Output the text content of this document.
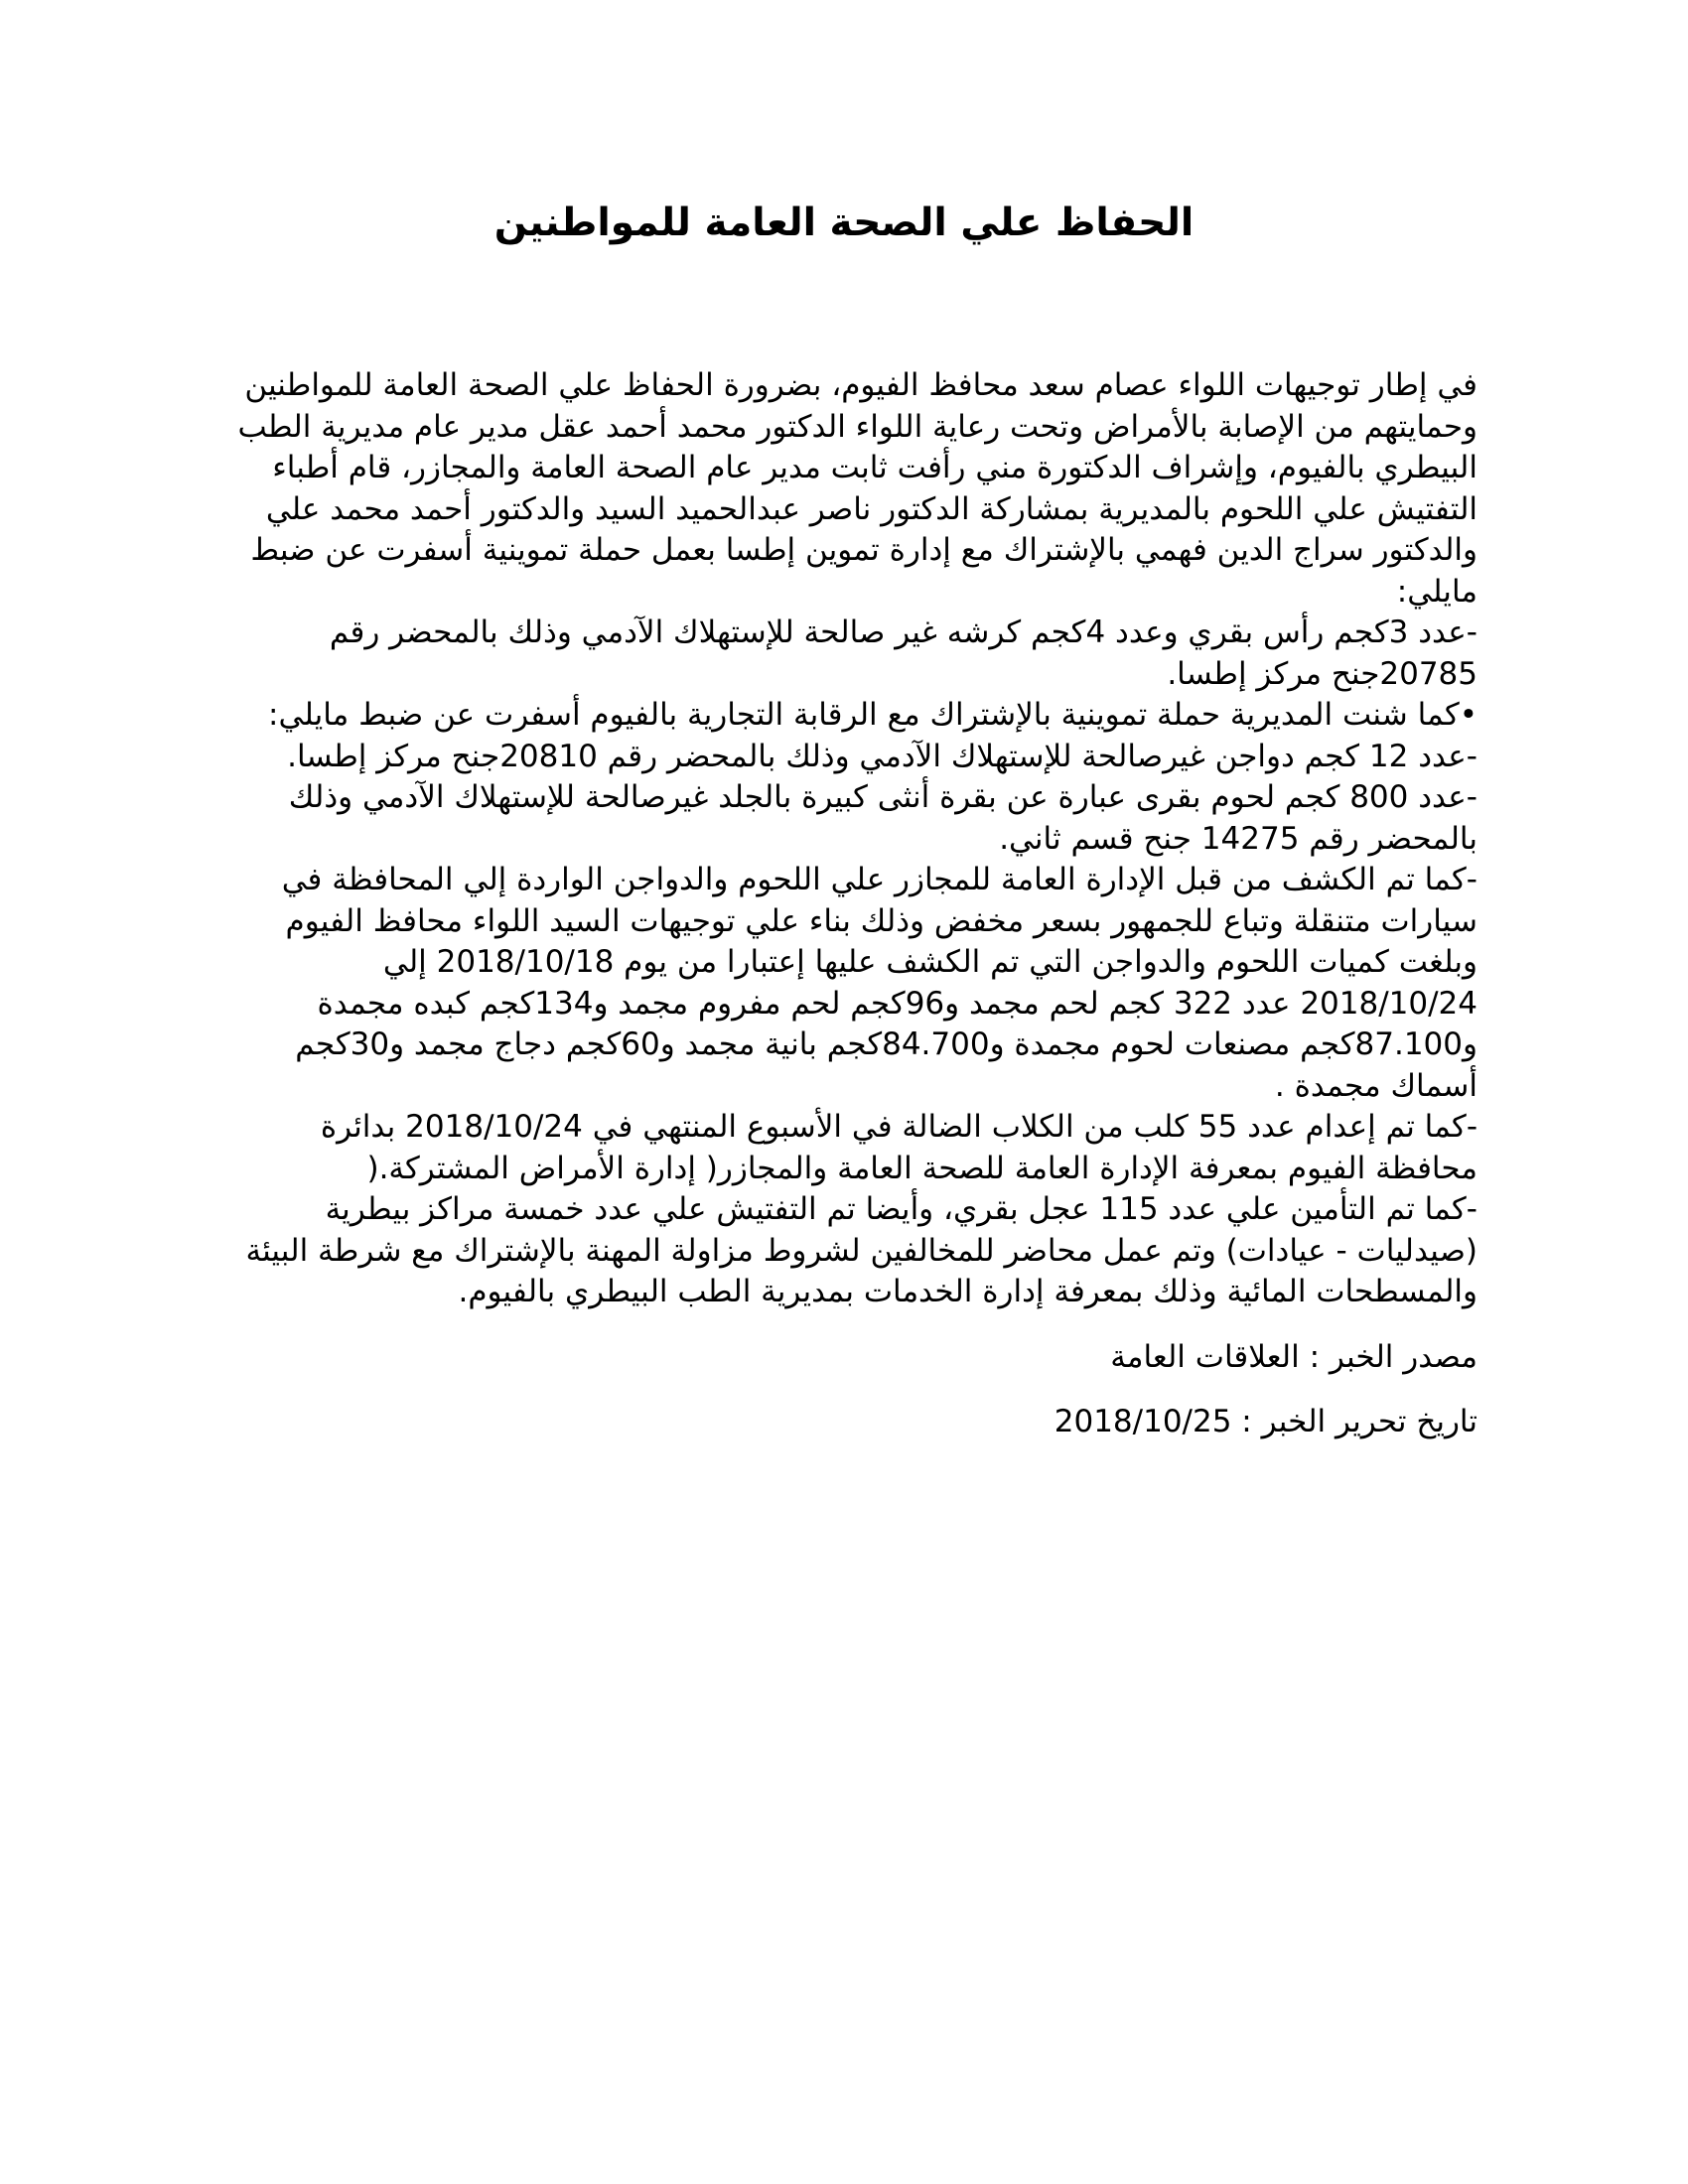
الحفاظ علي الصحة العامة للمواطنين

في إطار توجيهات اللواء عصام سعد محافظ الفيوم، بضرورة الحفاظ علي الصحة العامة للمواطنين وحمايتهم من الإصابة بالأمراض وتحت رعاية اللواء الدكتور محمد أحمد عقل مدير عام مديرية الطب البيطري بالفيوم، وإشراف الدكتورة مني رأفت ثابت مدير عام الصحة العامة والمجازر، قام أطباء التفتيش علي اللحوم بالمديرية بمشاركة الدكتور ناصر عبدالحميد السيد والدكتور أحمد محمد علي والدكتور سراج الدين فهمي بالإشتراك مع إدارة تموين إطسا بعمل حملة تموينية أسفرت عن ضبط مايلي:

-عدد 3كجم رأس بقري وعدد 4كجم كرشه غير صالحة للإستهلاك الآدمي وذلك بالمحضر رقم 20785جنح مركز إطسا.

•كما شنت المديرية حملة تموينية بالإشتراك مع الرقابة التجارية بالفيوم أسفرت عن ضبط مايلي:

-عدد 12 كجم دواجن غيرصالحة للإستهلاك الآدمي وذلك بالمحضر رقم 20810جنح مركز إطسا.

-عدد 800 كجم لحوم بقرى عبارة عن بقرة أنثى كبيرة بالجلد غيرصالحة للإستهلاك الآدمي وذلك بالمحضر رقم 14275 جنح قسم ثاني.

-كما تم الكشف من قبل الإدارة العامة للمجازر علي اللحوم والدواجن الواردة إلي المحافظة في سيارات متنقلة وتباع للجمهور بسعر مخفض وذلك بناء علي توجيهات السيد اللواء محافظ الفيوم وبلغت كميات اللحوم والدواجن التي تم الكشف عليها إعتبارا من يوم 2018/10/18 إلي 2018/10/24 عدد 322 كجم لحم مجمد و96كجم لحم مفروم مجمد و134كجم كبده مجمدة و87.100كجم مصنعات لحوم مجمدة و84.700كجم بانية مجمد و60كجم دجاج مجمد و30كجم أسماك مجمدة .

-كما تم إعدام عدد 55 كلب من الكلاب الضالة في الأسبوع المنتهي في 2018/10/24 بدائرة محافظة الفيوم بمعرفة الإدارة العامة للصحة العامة والمجازر( إدارة الأمراض المشتركة.(

-كما تم التأمين علي عدد 115 عجل بقري، وأيضا تم التفتيش علي عدد خمسة مراكز بيطرية (صيدليات - عيادات) وتم عمل محاضر للمخالفين لشروط مزاولة المهنة بالإشتراك مع شرطة البيئة والمسطحات المائية وذلك بمعرفة إدارة الخدمات بمديرية الطب البيطري بالفيوم.

مصدر الخبر : العلاقات العامة

تاريخ تحرير الخبر : 2018/10/25
